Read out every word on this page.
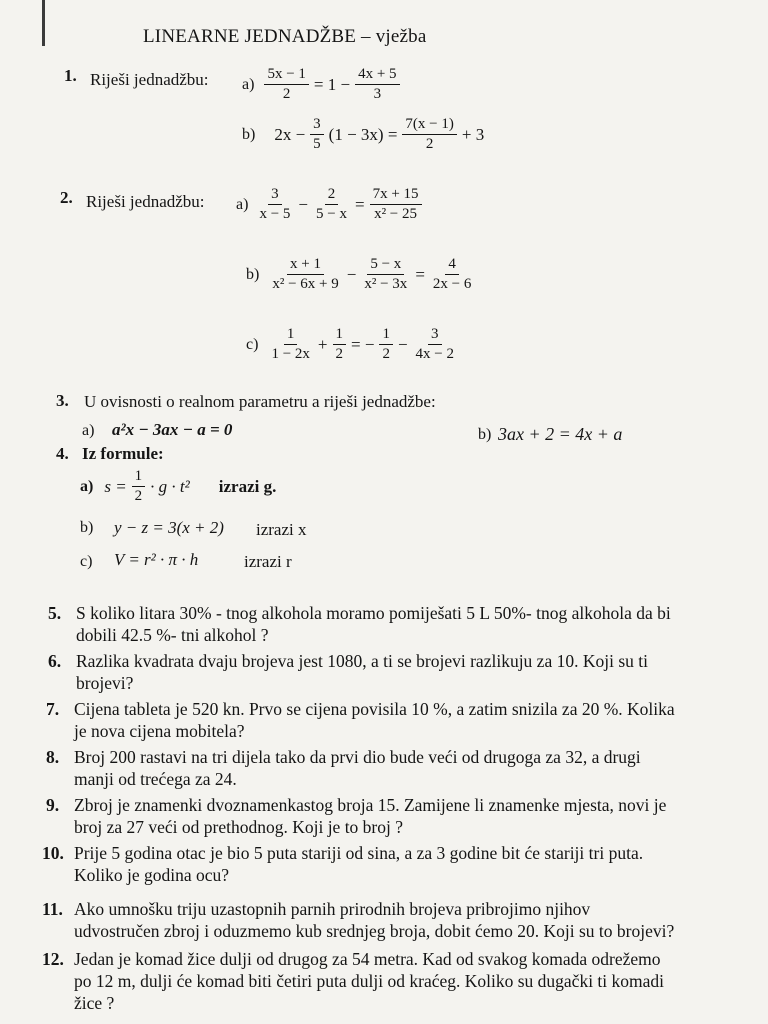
LINEARNE JEDNADŽBE – vježba
1. Riješi jednadžbu: $a) \frac{5x - 1}{2} = 1 - \frac{4x + 5}{3}$
b) $2x - \frac{3}{5} (1 - 3x) = \frac{7(x - 1)}{2} + 3$
2. Riješi jednadžbu: $a) \frac{3}{x - 5} - \frac{2}{5 - x} = \frac{7x + 15}{\text{x² − 25}}$
$b) \frac{x + 1}{\text{x² − 6x + 9}} - \frac{5 - x}{\text{x² − 3x}} = \frac{4}{2x - 6}$
$c) \frac{1}{1 - 2x} + \frac{1}{2}$ = − $\frac{1}{2} - \frac{3}{4x - 2}$
3. U ovisnosti o realnom parametru a riješi jednadžbe:
a) a²x − 3ax − a = 0	b) 3ax + 2 = 4x + a
4. Iz formule:
a) $s = \frac{1}{2} \cdot g \cdot t^2$ izrazi g.
b) y − z = 3(x + 2) izrazi x
c) V = r² · π · h	izrazi r
5. S koliko litara 30% - tnog alkohola moramo pomiješati 5 L 50%- tnog alkohola da bi
dobili 42.5 %- tni alkohol ?
6. Razlika kvadrata dvaju brojeva jest 1080, a ti se brojevi razlikuju za 10. Koji su ti
brojevi?
7. Cijena tableta je 520 kn. Prvo se cijena povisila 10 %, a zatim snizila za 20 %. Kolika
je nova cijena mobitela?
8. Broj 200 rastavi na tri dijela tako da prvi dio bude veći od drugoga za 32, a drugi
manji od trećega za 24.
9. Zbroj je znamenki dvoznamenkastog broja 15. Zamijene li znamenke mjesta, novi je
broj za 27 veći od prethodnog. Koji je to broj ?
10. Prije 5 godina otac je bio 5 puta stariji od sina, a za 3 godine bit će stariji tri puta.
Koliko je godina ocu?
11. Ako umnošku triju uzastopnih parnih prirodnih brojeva pribrojimo njihov
udvostručen zbroj i oduzmemo kub srednjeg broja, dobit ćemo 20. Koji su to brojevi?
12. Jedan je komad žice dulji od drugog za 54 metra. Kad od svakog komada odrežemo
po 12 m, dulji će komad biti četiri puta dulji od kraćeg. Koliko su dugački ti komadi
žice ?
